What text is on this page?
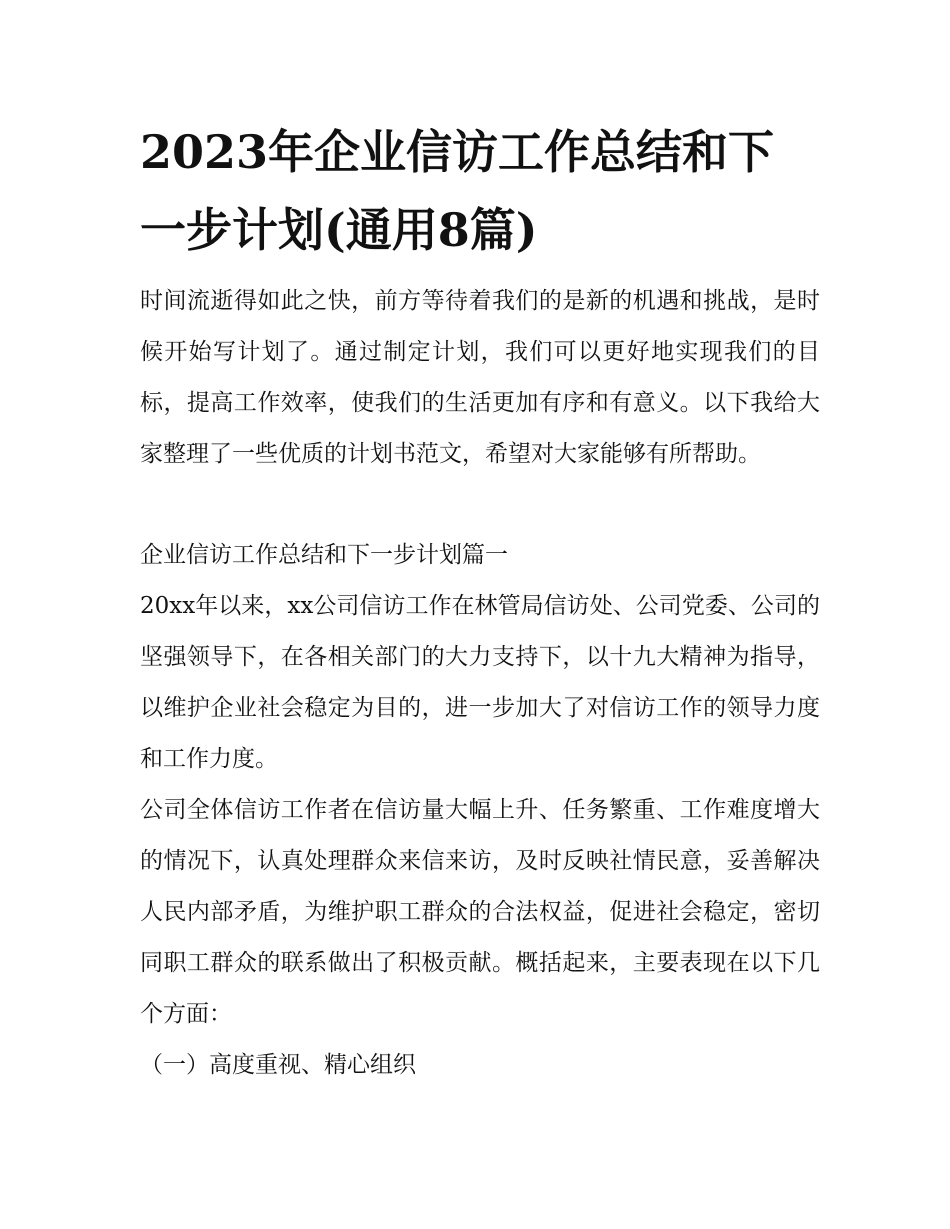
2023年企业信访工作总结和下一步计划(通用8篇)

时间流逝得如此之快，前方等待着我们的是新的机遇和挑战，是时候开始写计划了。通过制定计划，我们可以更好地实现我们的目标，提高工作效率，使我们的生活更加有序和有意义。以下我给大家整理了一些优质的计划书范文，希望对大家能够有所帮助。

企业信访工作总结和下一步计划篇一

20xx年以来，xx公司信访工作在林管局信访处、公司党委、公司的坚强领导下，在各相关部门的大力支持下，以十九大精神为指导，以维护企业社会稳定为目的，进一步加大了对信访工作的领导力度和工作力度。

公司全体信访工作者在信访量大幅上升、任务繁重、工作难度增大的情况下，认真处理群众来信来访，及时反映社情民意，妥善解决人民内部矛盾，为维护职工群众的合法权益，促进社会稳定，密切同职工群众的联系做出了积极贡献。概括起来，主要表现在以下几个方面：

（一）高度重视、精心组织
